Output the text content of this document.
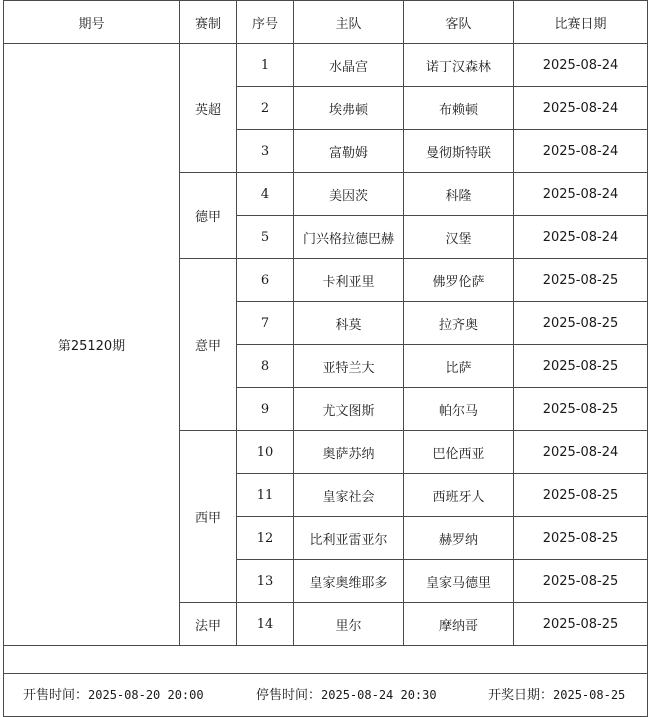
期号	赛制	序号	主队	客队	比赛日期
第25120期	英超	1	水晶宫	诺丁汉森林	2025-08-24
		2	埃弗顿	布赖顿	2025-08-24
		3	富勒姆	曼彻斯特联	2025-08-24
	德甲	4	美因茨	科隆	2025-08-24
		5	门兴格拉德巴赫	汉堡	2025-08-24
	意甲	6	卡利亚里	佛罗伦萨	2025-08-25
		7	科莫	拉齐奥	2025-08-25
		8	亚特兰大	比萨	2025-08-25
		9	尤文图斯	帕尔马	2025-08-25
	西甲	10	奥萨苏纳	巴伦西亚	2025-08-24
		11	皇家社会	西班牙人	2025-08-25
		12	比利亚雷亚尔	赫罗纳	2025-08-25
		13	皇家奥维耶多	皇家马德里	2025-08-25
	法甲	14	里尔	摩纳哥	2025-08-25

开售时间：2025-08-20 20:00 停售时间：2025-08-24 20:30 开奖日期：2025-08-25					
